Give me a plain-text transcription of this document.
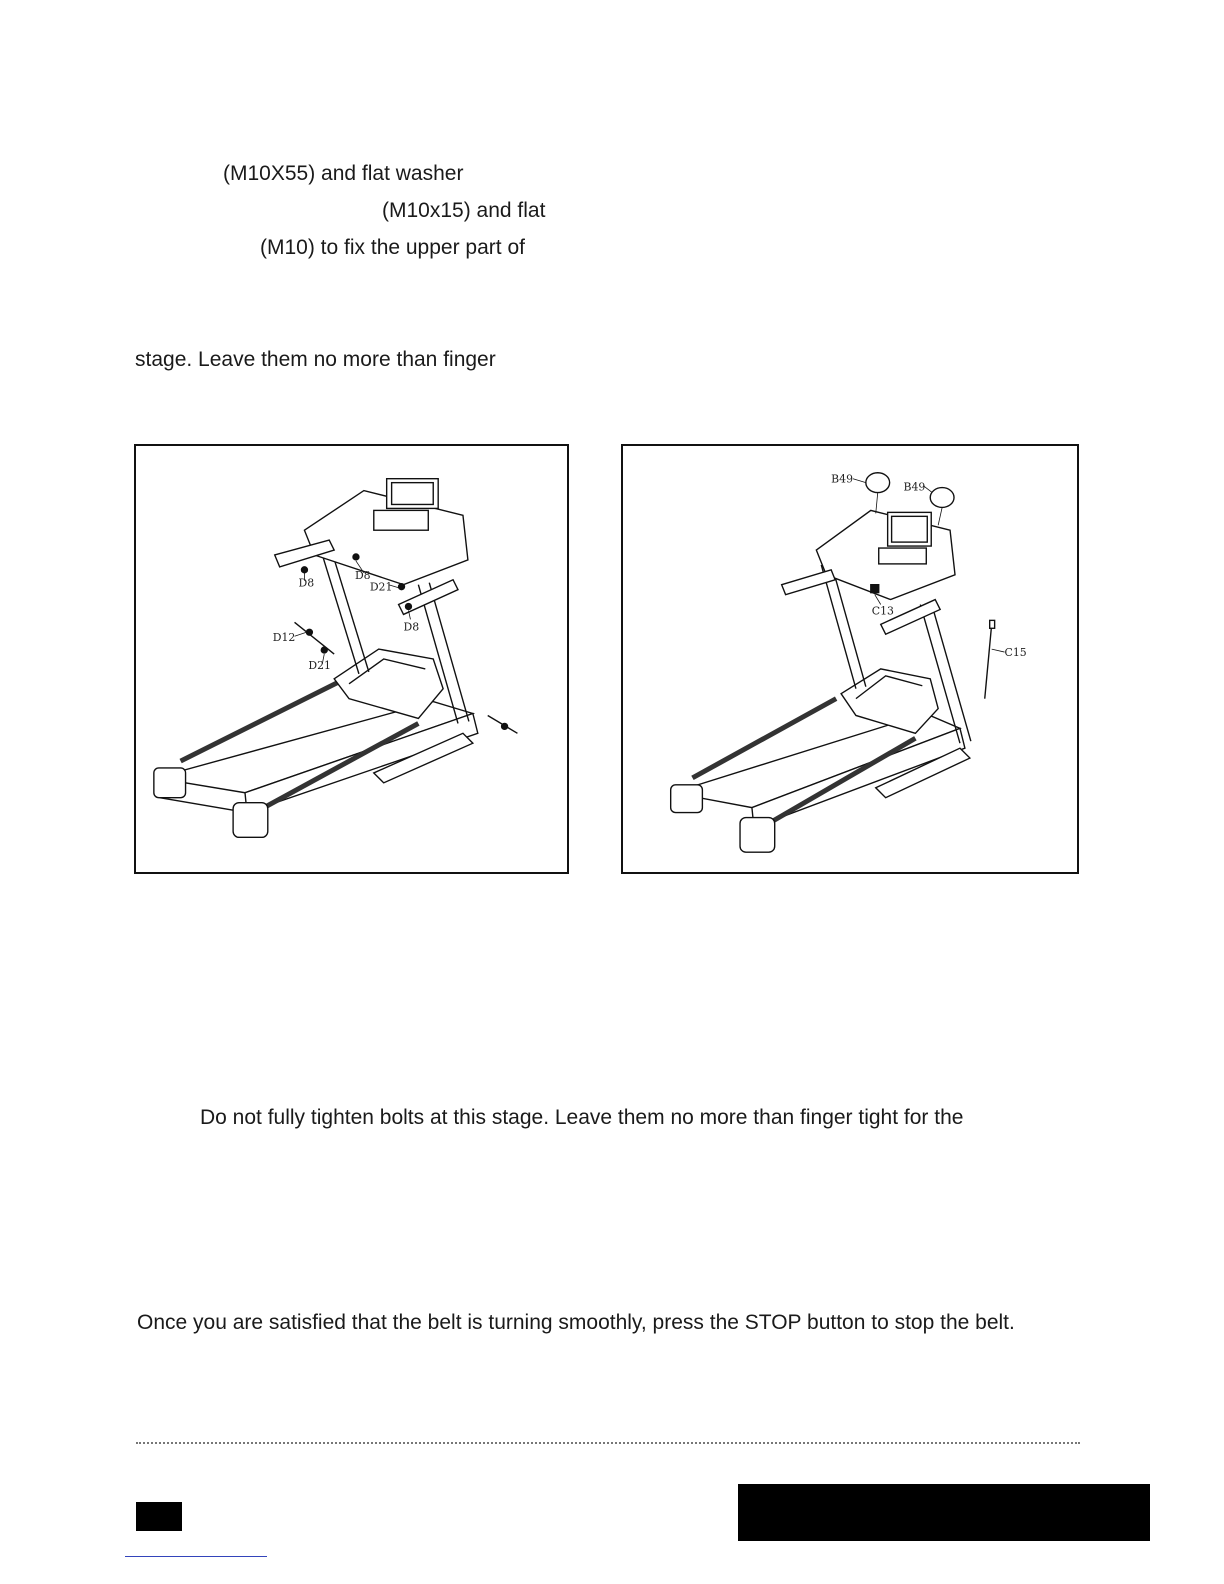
(M10X55) and flat washer
(M10x15) and flat
(M10) to fix the upper part of
stage. Leave them no more than finger
D8
D8
D21
D8
D12
D21
B49
B49
C13
C15
Do not fully tighten bolts at this stage. Leave them no more than finger tight for the
Once you are satisfied that the belt is turning smoothly, press the STOP button to stop the belt.
